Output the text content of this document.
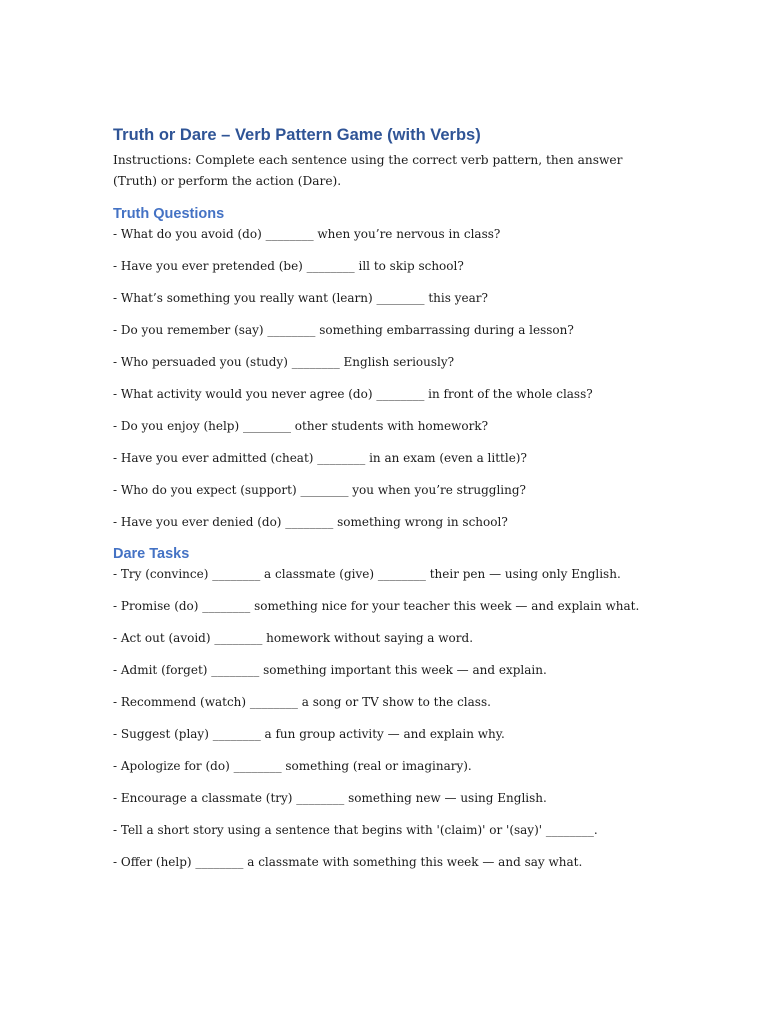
Truth or Dare – Verb Pattern Game (with Verbs)

Instructions: Complete each sentence using the correct verb pattern, then answer (Truth) or perform the action (Dare).

Truth Questions
- What do you avoid (do) ________ when you’re nervous in class?
- Have you ever pretended (be) ________ ill to skip school?
- What’s something you really want (learn) ________ this year?
- Do you remember (say) ________ something embarrassing during a lesson?
- Who persuaded you (study) ________ English seriously?
- What activity would you never agree (do) ________ in front of the whole class?
- Do you enjoy (help) ________ other students with homework?
- Have you ever admitted (cheat) ________ in an exam (even a little)?
- Who do you expect (support) ________ you when you’re struggling?
- Have you ever denied (do) ________ something wrong in school?
Dare Tasks
- Try (convince) ________ a classmate (give) ________ their pen — using only English.
- Promise (do) ________ something nice for your teacher this week — and explain what.
- Act out (avoid) ________ homework without saying a word.
- Admit (forget) ________ something important this week — and explain.
- Recommend (watch) ________ a song or TV show to the class.
- Suggest (play) ________ a fun group activity — and explain why.
- Apologize for (do) ________ something (real or imaginary).
- Encourage a classmate (try) ________ something new — using English.
- Tell a short story using a sentence that begins with '(claim)' or '(say)' ________.
- Offer (help) ________ a classmate with something this week — and say what.
